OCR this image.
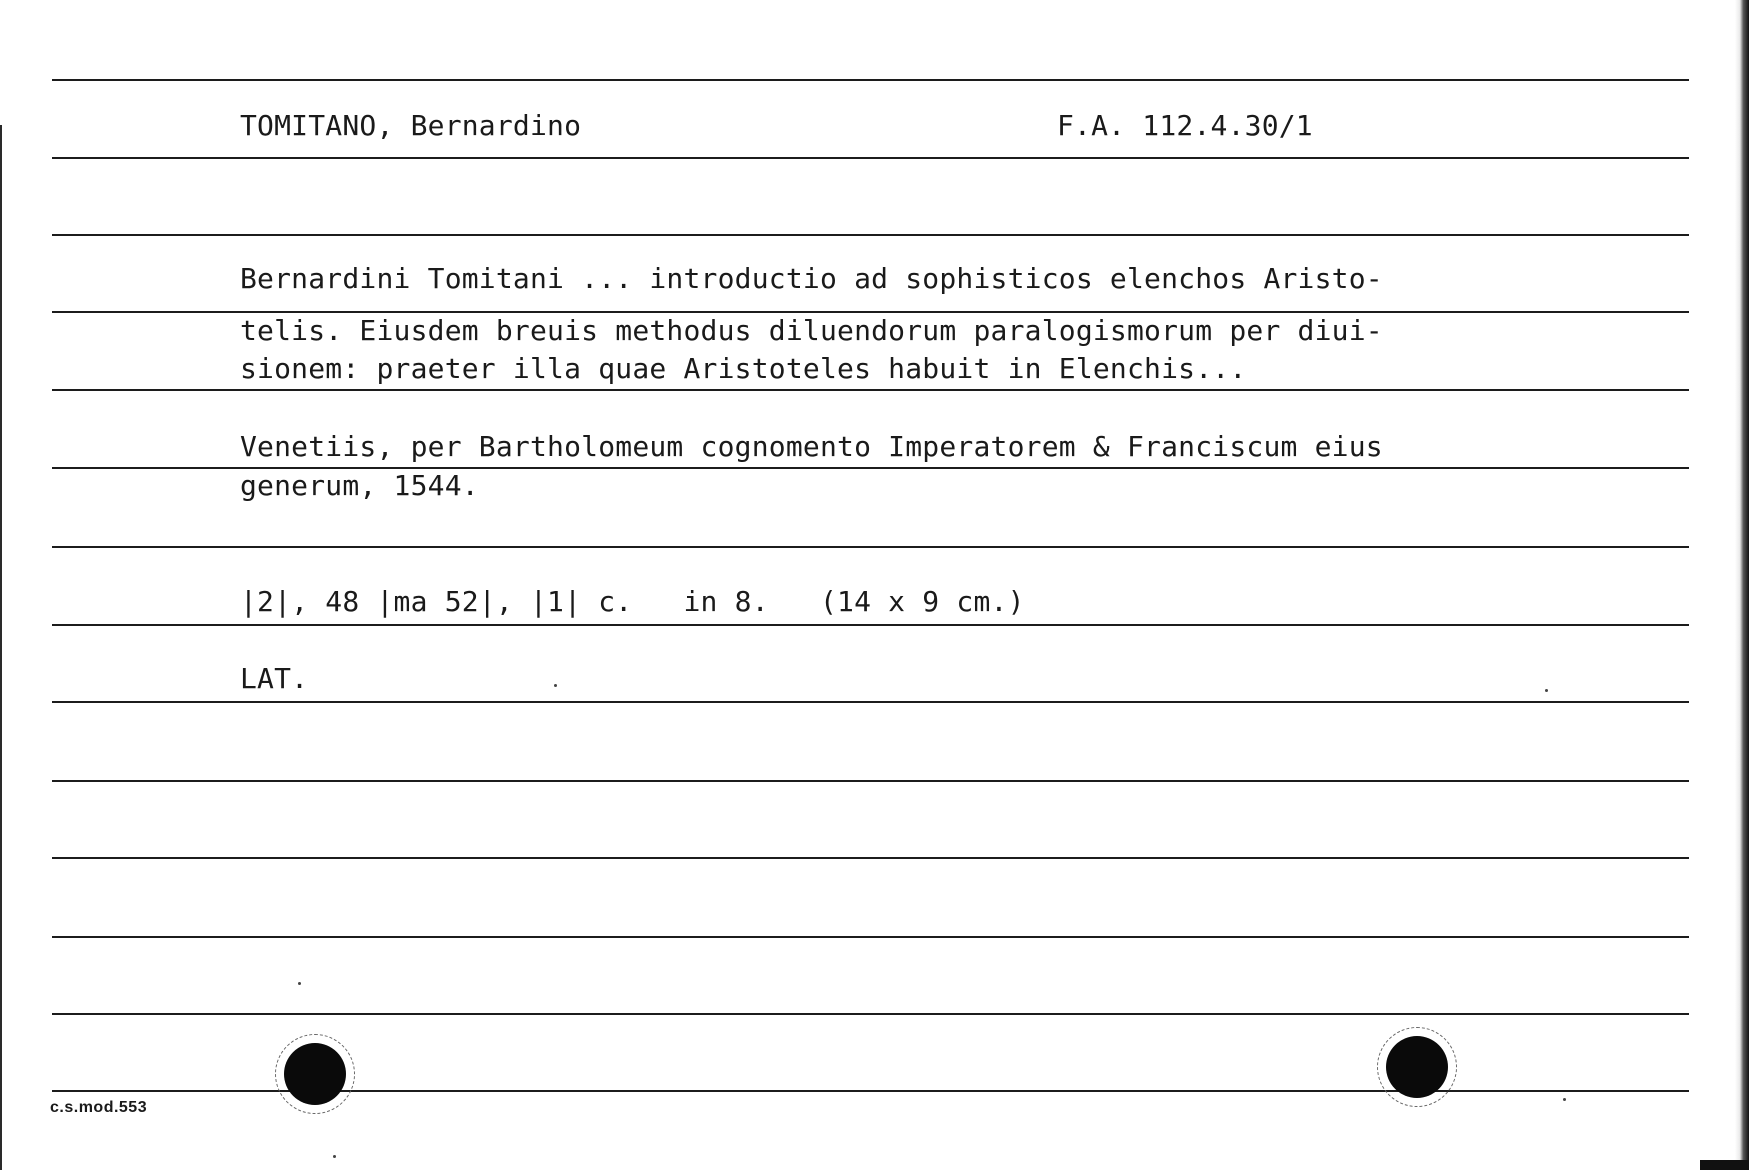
TOMITANO, Bernardino	F.A. 112.4.30/1
Bernardini Tomitani ... introductio ad sophisticos elenchos Aristo-
telis. Eiusdem breuis methodus diluendorum paralogismorum per diui-
sionem: praeter illa quae Aristoteles habuit in Elenchis...
Venetiis, per Bartholomeum cognomento Imperatorem & Franciscum eius
generum, 1544.
|2|, 48 |ma 52|, |1| c.   in 8.   (14 x 9 cm.)
LAT.
c.s.mod.553
